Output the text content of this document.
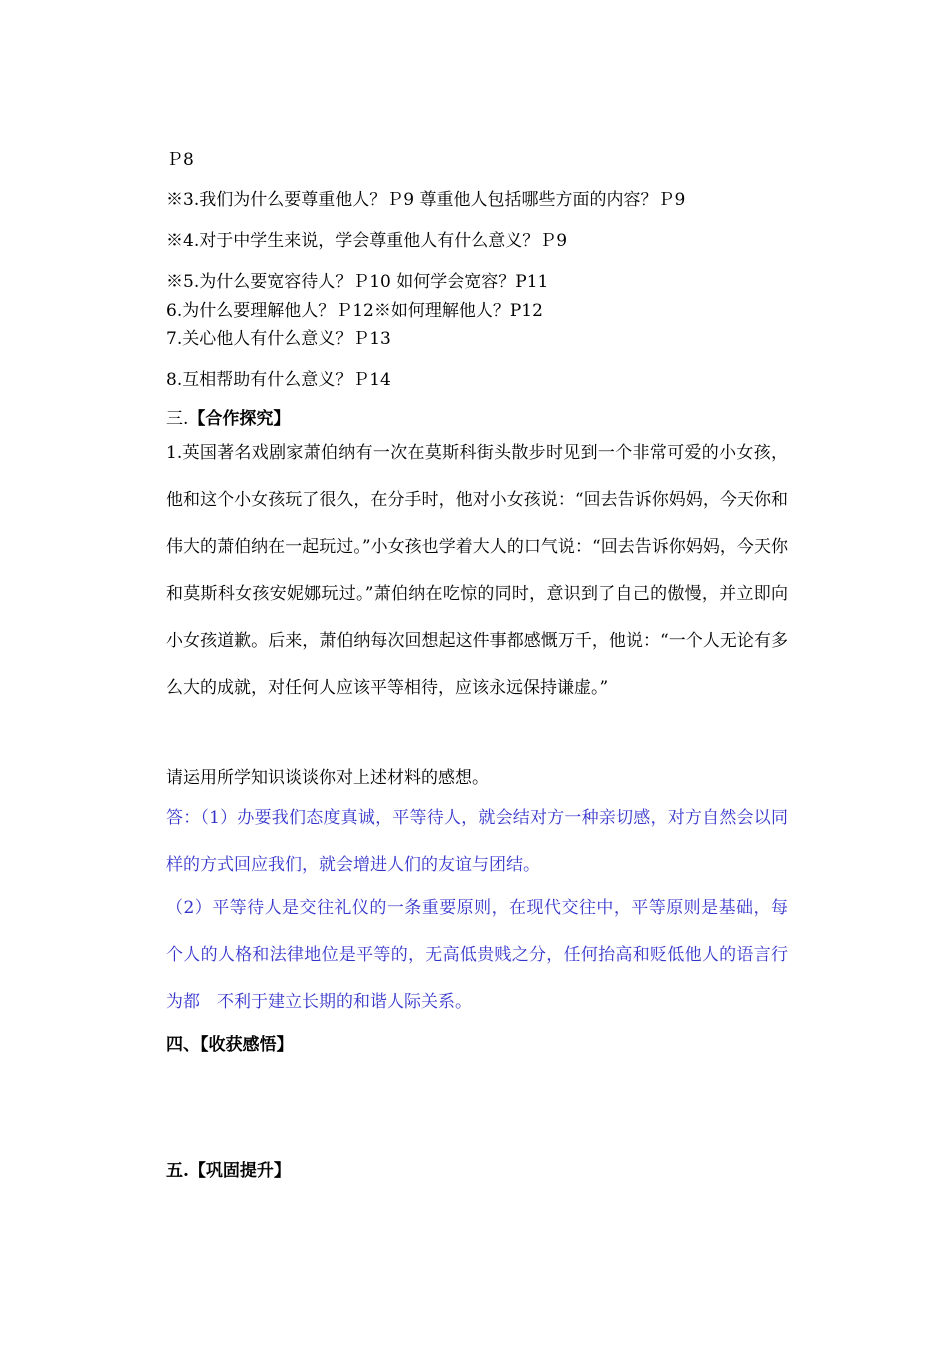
Ｐ8
※3.我们为什么要尊重他人？Ｐ9 尊重他人包括哪些方面的内容？Ｐ9
※4.对于中学生来说，学会尊重他人有什么意义？Ｐ9
※5.为什么要宽容待人？Ｐ10 如何学会宽容？P11
6.为什么要理解他人？Ｐ12※如何理解他人？P12
7.关心他人有什么意义？Ｐ13
8.互相帮助有什么意义？Ｐ14
三.【合作探究】

1.英国著名戏剧家萧伯纳有一次在莫斯科街头散步时见到一个非常可爱的小女孩，他和这个小女孩玩了很久，在分手时，他对小女孩说：“回去告诉你妈妈，今天你和伟大的萧伯纳在一起玩过。”小女孩也学着大人的口气说：“回去告诉你妈妈，今天你和莫斯科女孩安妮娜玩过。”萧伯纳在吃惊的同时，意识到了自己的傲慢，并立即向小女孩道歉。后来，萧伯纳每次回想起这件事都感慨万千，他说：“一个人无论有多么大的成就，对任何人应该平等相待，应该永远保持谦虚。”

请运用所学知识谈谈你对上述材料的感想。

答：（1）办要我们态度真诚，平等待人，就会结对方一种亲切感，对方自然会以同样的方式回应我们，就会增进人们的友谊与团结。

（2）平等待人是交往礼仪的一条重要原则，在现代交往中，平等原则是基础，每个人的人格和法律地位是平等的，无高低贵贱之分，任何抬高和贬低他人的语言行为都　不利于建立长期的和谐人际关系。

四、【收获感悟】
五.【巩固提升】
